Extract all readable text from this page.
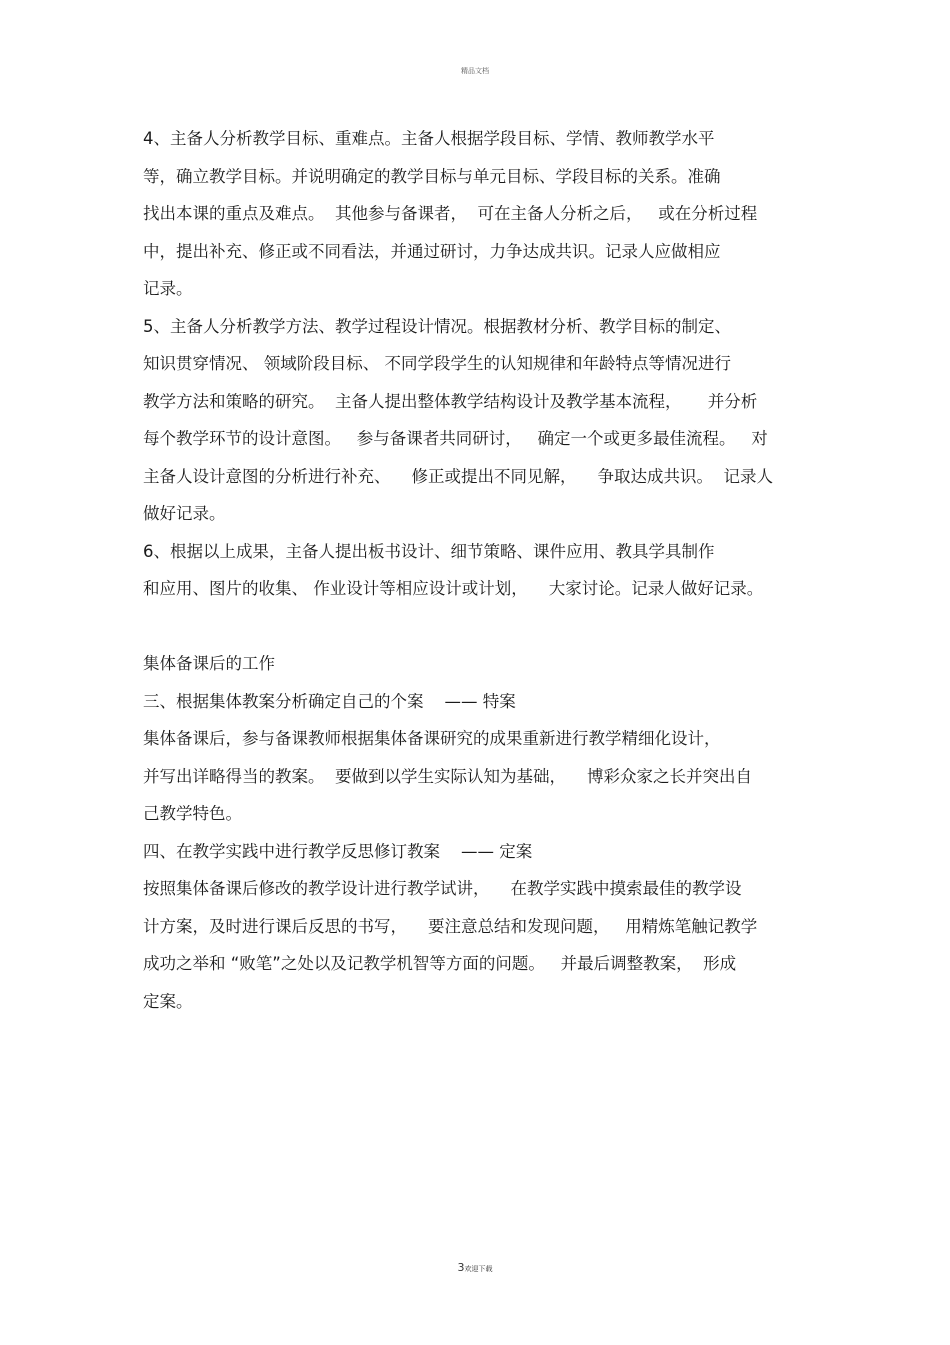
精品文档
4、主备人分析教学目标、重难点。主备人根据学段目标、学情、教师教学水平
等，确立教学目标。并说明确定的教学目标与单元目标、学段目标的关系。准确
找出本课的重点及难点。  其他参与备课者，  可在主备人分析之后，   或在分析过程
中，提出补充、修正或不同看法，并通过研讨，力争达成共识。记录人应做相应
记录。
5、主备人分析教学方法、教学过程设计情况。根据教材分析、教学目标的制定、
知识贯穿情况、 领域阶段目标、 不同学段学生的认知规律和年龄特点等情况进行
教学方法和策略的研究。  主备人提出整体教学结构设计及教学基本流程，     并分析
每个教学环节的设计意图。   参与备课者共同研讨，   确定一个或更多最佳流程。   对
主备人设计意图的分析进行补充、    修正或提出不同见解，    争取达成共识。  记录人
做好记录。
6、根据以上成果，主备人提出板书设计、细节策略、课件应用、教具学具制作
和应用、图片的收集、 作业设计等相应设计或计划，    大家讨论。记录人做好记录。
集体备课后的工作
三、根据集体教案分析确定自己的个案    —— 特案
集体备课后，参与备课教师根据集体备课研究的成果重新进行教学精细化设计，
并写出详略得当的教案。  要做到以学生实际认知为基础，    博彩众家之长并突出自
己教学特色。
四、在教学实践中进行教学反思修订教案    —— 定案
按照集体备课后修改的教学设计进行教学试讲，    在教学实践中摸索最佳的教学设
计方案，及时进行课后反思的书写，    要注意总结和发现问题，   用精炼笔触记教学
成功之举和 “败笔”之处以及记教学机智等方面的问题。   并最后调整教案，  形成
定案。
3欢迎下载
